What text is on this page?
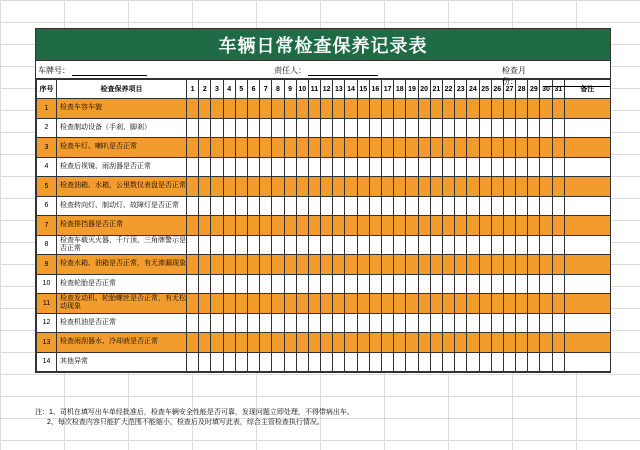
车辆日常检查保养记录表
车牌号：	责任人：	检查月份：
序号	检查保养项目	1	2	3	4	5	6	7	8	9	10	11	12	13	14	15	16	17	18	19	20	21	22	23	24	25	26	27	28	29	30	31	备注
1	检查车容车貌																																
2	检查制动设备（手刹、脚刹）																																
3	检查车灯、喇叭是否正常																																
4	检查后视镜、雨刮器是否正常																																
5	检查油箱、水箱，公里数仪表盘是否正常																																
6	检查转向灯、制动灯、故障灯是否正常																																
7	检查排挡器是否正常																																
8	检查车载灭火器、千斤顶、三角牌警示是否正常																																
9	检查水箱、油箱是否正常，有无渗漏现象																																
10	检查轮胎是否正常																																
11	检查发动机、轮胎螺丝是否正常，有无松动现象																																
12	检查机油是否正常																																
13	检查雨刮器水、冷却液是否正常																																
14	其他异常																																
注：1、司机在填写出车单经批准后，检查车辆安全性能是否可靠，发现问题立即处理，不得带病出车。
2、每次检查内容只能扩大范围不能缩小，检查后及时填写此表，综合主管检查执行情况。
